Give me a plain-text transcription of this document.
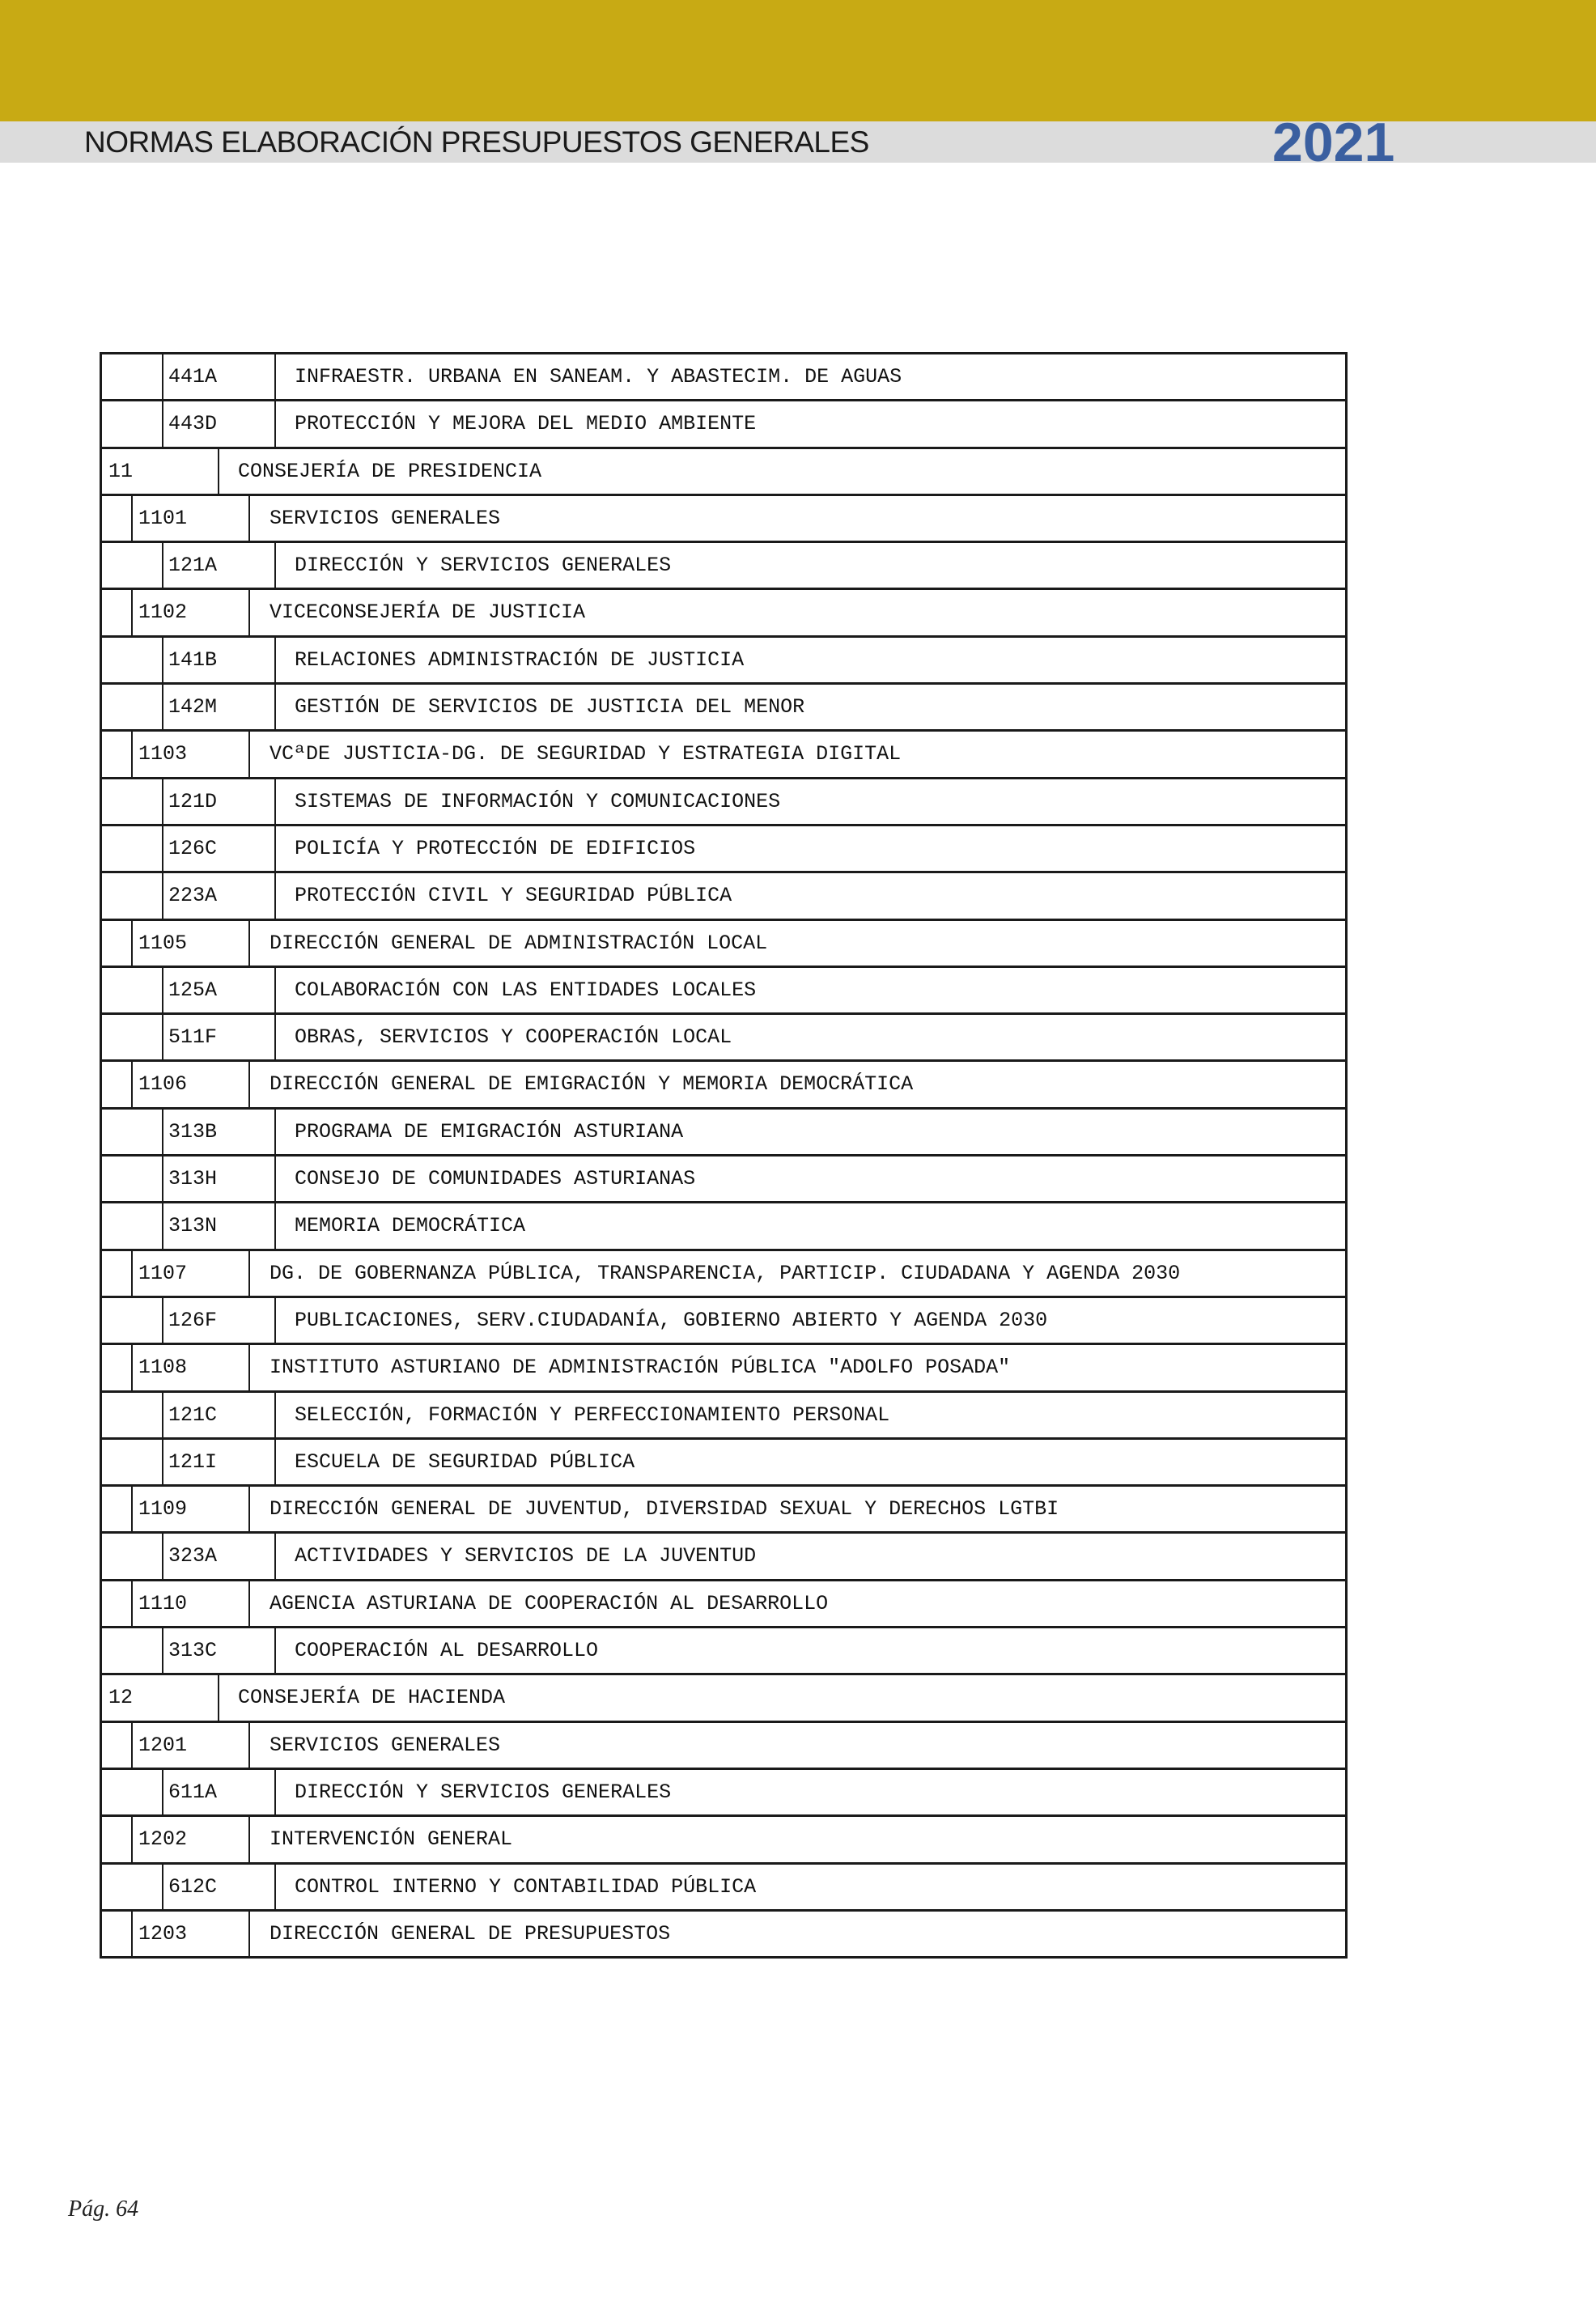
NORMAS ELABORACIÓN PRESUPUESTOS GENERALES	2021
441A	INFRAESTR. URBANA EN SANEAM. Y ABASTECIM. DE AGUAS
443D	PROTECCIÓN Y MEJORA DEL MEDIO AMBIENTE
11	CONSEJERÍA DE PRESIDENCIA
1101	SERVICIOS GENERALES
121A	DIRECCIÓN Y SERVICIOS GENERALES
1102	VICECONSEJERÍA DE JUSTICIA
141B	RELACIONES ADMINISTRACIÓN DE JUSTICIA
142M	GESTIÓN DE SERVICIOS DE JUSTICIA DEL MENOR
1103	VCªDE JUSTICIA-DG. DE SEGURIDAD Y ESTRATEGIA DIGITAL
121D	SISTEMAS DE INFORMACIÓN Y COMUNICACIONES
126C	POLICÍA Y PROTECCIÓN DE EDIFICIOS
223A	PROTECCIÓN CIVIL Y SEGURIDAD PÚBLICA
1105	DIRECCIÓN GENERAL DE ADMINISTRACIÓN LOCAL
125A	COLABORACIÓN CON LAS ENTIDADES LOCALES
511F	OBRAS, SERVICIOS Y COOPERACIÓN LOCAL
1106	DIRECCIÓN GENERAL DE EMIGRACIÓN Y MEMORIA DEMOCRÁTICA
313B	PROGRAMA DE EMIGRACIÓN ASTURIANA
313H	CONSEJO DE COMUNIDADES ASTURIANAS
313N	MEMORIA DEMOCRÁTICA
1107	DG. DE GOBERNANZA PÚBLICA, TRANSPARENCIA, PARTICIP. CIUDADANA Y AGENDA 2030
126F	PUBLICACIONES, SERV.CIUDADANÍA, GOBIERNO ABIERTO Y AGENDA 2030
1108	INSTITUTO ASTURIANO DE ADMINISTRACIÓN PÚBLICA "ADOLFO POSADA"
121C	SELECCIÓN, FORMACIÓN Y PERFECCIONAMIENTO PERSONAL
121I	ESCUELA DE SEGURIDAD PÚBLICA
1109	DIRECCIÓN GENERAL DE JUVENTUD, DIVERSIDAD SEXUAL Y DERECHOS LGTBI
323A	ACTIVIDADES Y SERVICIOS DE LA JUVENTUD
1110	AGENCIA ASTURIANA DE COOPERACIÓN AL DESARROLLO
313C	COOPERACIÓN AL DESARROLLO
12	CONSEJERÍA DE HACIENDA
1201	SERVICIOS GENERALES
611A	DIRECCIÓN Y SERVICIOS GENERALES
1202	INTERVENCIÓN GENERAL
612C	CONTROL INTERNO Y CONTABILIDAD PÚBLICA
1203	DIRECCIÓN GENERAL DE PRESUPUESTOS
Pág. 64
